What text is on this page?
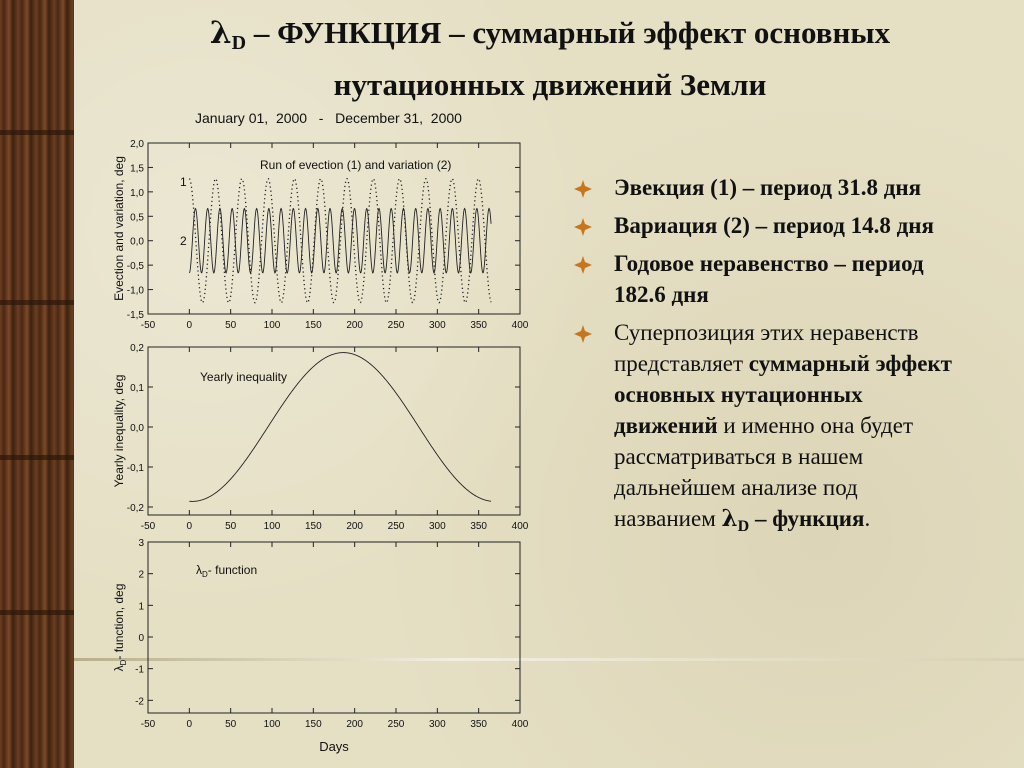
$\lambda_D$ – ФУНКЦИЯ – суммарный эффект основных
нутационных движений Земли
January 01,  2000   -   December 31,  2000
-50	0	50	100 150 200 250 300 350 400
-1,5
-1,0
-0,5
0,0
0,5
1,0
1,5
2,0
Evection and variation, deg	Run of evection (1) and variation (2)
1
2
-50	0	50	100 150 200 250 300 350 400
-0,2
-0,1
0,0
0,1
0,2
Yearly inequality, deg	Yearly inequality
-50	0	50	100 150 200 250 300 350 400
-2
-1
0
1
2
3
$\lambda_D-$ function, deg
$\lambda_D-$ function
Days
Эвекция (1) – период 31.8 дня
Вариация (2) – период 14.8 дня
Годовое неравенство – период 182.6 дня
Суперпозиция этих неравенств представляет суммарный эффект основных нутационных движений и именно она будет рассматриваться в нашем дальнейшем анализе под названием $\lambda_D$ – функция.
